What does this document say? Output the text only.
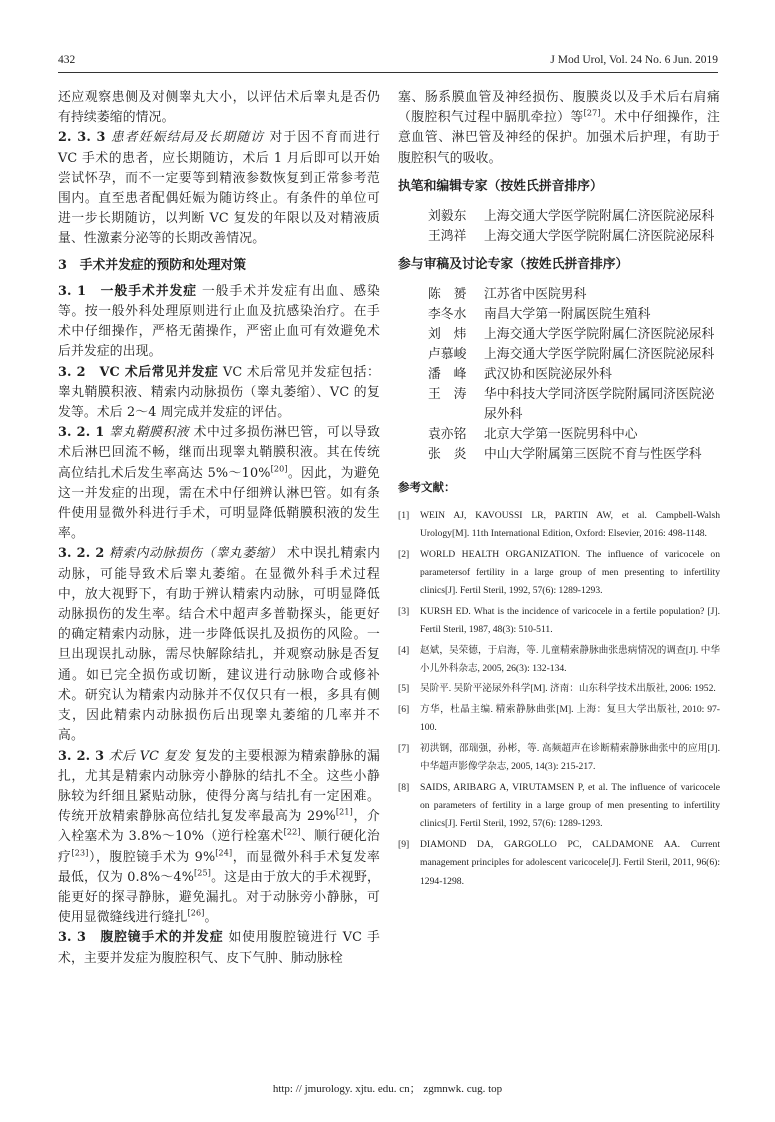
432	J Mod Urol, Vol. 24 No. 6 Jun. 2019

还应观察患侧及对侧睾丸大小，以评估术后睾丸是否仍有持续萎缩的情况。

2. 3. 3 患者妊娠结局及长期随访 对于因不育而进行 VC 手术的患者，应长期随访，术后 1 月后即可以开始尝试怀孕，而不一定要等到精液参数恢复到正常参考范围内。直至患者配偶妊娠为随访终止。有条件的单位可进一步长期随访，以判断 VC 复发的年限以及对精液质量、性激素分泌等的长期改善情况。

3　手术并发症的预防和处理对策

3. 1　一般手术并发症 一般手术并发症有出血、感染等。按一般外科处理原则进行止血及抗感染治疗。在手术中仔细操作，严格无菌操作，严密止血可有效避免术后并发症的出现。

3. 2　VC 术后常见并发症 VC 术后常见并发症包括：睾丸鞘膜积液、精索内动脉损伤（睾丸萎缩）、VC 的复发等。术后 2～4 周完成并发症的评估。

3. 2. 1 睾丸鞘膜积液 术中过多损伤淋巴管，可以导致术后淋巴回流不畅，继而出现睾丸鞘膜积液。其在传统高位结扎术后发生率高达 5%～10%[20]。因此，为避免这一并发症的出现，需在术中仔细辨认淋巴管。如有条件使用显微外科进行手术，可明显降低鞘膜积液的发生率。

3. 2. 2 精索内动脉损伤（睾丸萎缩） 术中误扎精索内动脉，可能导致术后睾丸萎缩。在显微外科手术过程中，放大视野下，有助于辨认精索内动脉，可明显降低动脉损伤的发生率。结合术中超声多普勒探头，能更好的确定精索内动脉，进一步降低误扎及损伤的风险。一旦出现误扎动脉，需尽快解除结扎，并观察动脉是否复通。如已完全损伤或切断，建议进行动脉吻合或修补术。研究认为精索内动脉并不仅仅只有一根，多具有侧支，因此精索内动脉损伤后出现睾丸萎缩的几率并不高。

3. 2. 3 术后 VC 复发 复发的主要根源为精索静脉的漏扎，尤其是精索内动脉旁小静脉的结扎不全。这些小静脉较为纤细且紧贴动脉，使得分离与结扎有一定困难。传统开放精索静脉高位结扎复发率最高为 29%[21]，介入栓塞术为 3.8%～10%（逆行栓塞术[22]、顺行硬化治疗[23]），腹腔镜手术为 9%[24]，而显微外科手术复发率最低，仅为 0.8%～4%[25]。这是由于放大的手术视野，能更好的探寻静脉，避免漏扎。对于动脉旁小静脉，可使用显微缝线进行缝扎[26]。

3. 3　腹腔镜手术的并发症 如使用腹腔镜进行 VC 手术，主要并发症为腹腔积气、皮下气肿、肺动脉栓

塞、肠系膜血管及神经损伤、腹膜炎以及手术后右肩痛（腹腔积气过程中膈肌牵拉）等[27]。术中仔细操作，注意血管、淋巴管及神经的保护。加强术后护理，有助于腹腔积气的吸收。

执笔和编辑专家（按姓氏拼音排序）
刘毅东	上海交通大学医学院附属仁济医院泌尿科
王鸿祥	上海交通大学医学院附属仁济医院泌尿科
参与审稿及讨论专家（按姓氏拼音排序）
陈　赟	江苏省中医院男科
李冬水	南昌大学第一附属医院生殖科
刘　炜	上海交通大学医学院附属仁济医院泌尿科
卢慕峻	上海交通大学医学院附属仁济医院泌尿科
潘　峰	武汉协和医院泌尿外科
王　涛	华中科技大学同济医学院附属同济医院泌尿外科
袁亦铭	北京大学第一医院男科中心
张　炎	中山大学附属第三医院不育与性医学科
参考文献：
[1]	WEIN AJ, KAVOUSSI LR, PARTIN AW, et al. Campbell-Walsh Urology[M]. 11th International Edition, Oxford: Elsevier, 2016: 498-1148.
[2]	WORLD HEALTH ORGANIZATION. The influence of varicocele on parametersof fertility in a large group of men presenting to infertility clinics[J]. Fertil Steril, 1992, 57(6): 1289-1293.
[3]	KURSH ED. What is the incidence of varicocele in a fertile population? [J]. Fertil Steril, 1987, 48(3): 510-511.
[4]	赵斌，吴荣德，于启海，等. 儿童精索静脉曲张患病情况的调查[J]. 中华小儿外科杂志, 2005, 26(3): 132-134.
[5]	吴阶平. 吴阶平泌尿外科学[M]. 济南：山东科学技术出版社, 2006: 1952.
[6]	方华，杜晶主编. 精索静脉曲张[M]. 上海：复旦大学出版社, 2010: 97-100.
[7]	初洪钢，邵瑞强，孙彬，等. 高频超声在诊断精索静脉曲张中的应用[J]. 中华超声影像学杂志, 2005, 14(3): 215-217.
[8]	SAIDS, ARIBARG A, VIRUTAMSEN P, et al. The influence of varicocele on parameters of fertility in a large group of men presenting to infertility clinics[J]. Fertil Steril, 1992, 57(6): 1289-1293.
[9]	DIAMOND DA, GARGOLLO PC, CALDAMONE AA. Current management principles for adolescent varicocele[J]. Fertil Steril, 2011, 96(6): 1294-1298.
http: // jmurology. xjtu. edu. cn； zgmnwk. cug. top
